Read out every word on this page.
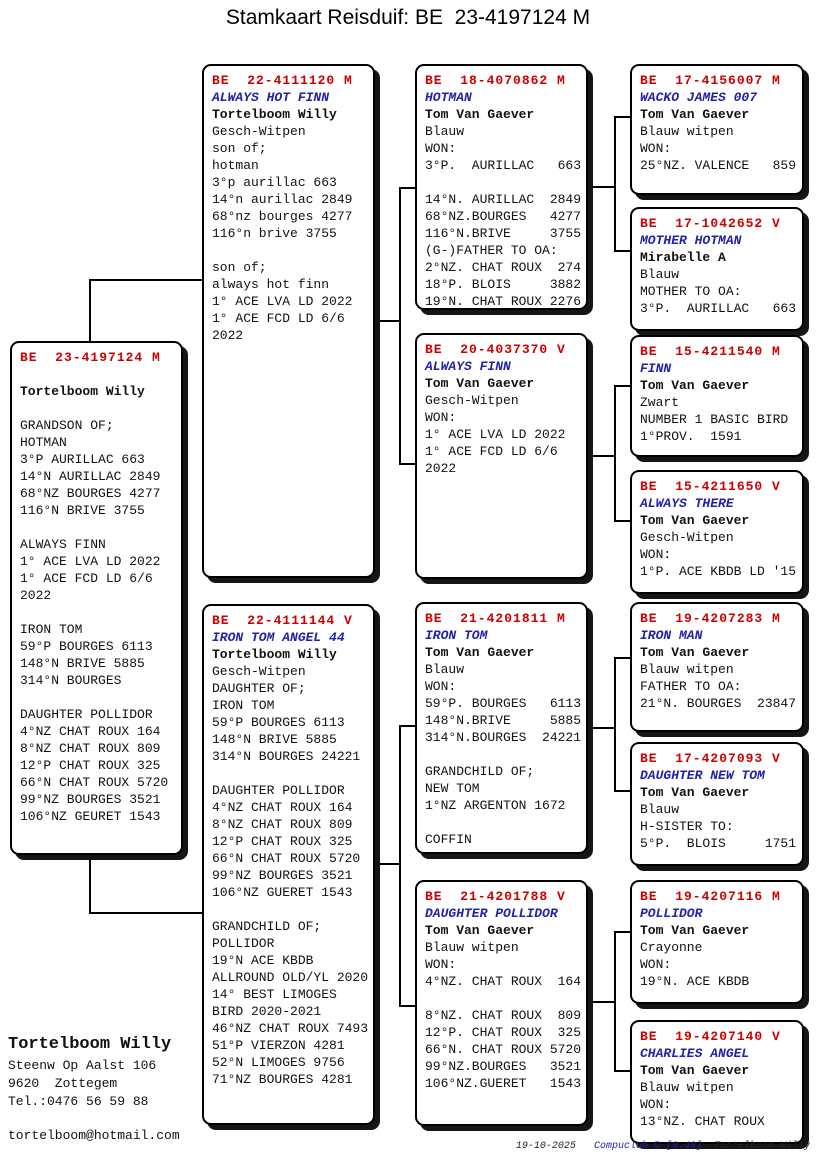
Stamkaart Reisduif: BE  23-4197124 M
BE  23-4197124 M
Tortelboom Willy
GRANDSON OF;
HOTMAN
3°P AURILLAC 663
14°N AURILLAC 2849
68°NZ BOURGES 4277
116°N BRIVE 3755

ALWAYS FINN
1° ACE LVA LD 2022
1° ACE FCD LD 6/6
2022

IRON TOM
59°P BOURGES 6113
148°N BRIVE 5885
314°N BOURGES

DAUGHTER POLLIDOR
4°NZ CHAT ROUX 164
8°NZ CHAT ROUX 809
12°P CHAT ROUX 325
66°N CHAT ROUX 5720
99°NZ BOURGES 3521
106°NZ GEURET 1543
BE  22-4111120 M
ALWAYS HOT FINN
Tortelboom Willy
Gesch-Witpen
son of;
hotman
3°p aurillac 663
14°n aurillac 2849
68°nz bourges 4277
116°n brive 3755

son of;
always hot finn
1° ACE LVA LD 2022
1° ACE FCD LD 6/6
2022
BE  22-4111144 V
IRON TOM ANGEL 44
Tortelboom Willy
Gesch-Witpen
DAUGHTER OF;
IRON TOM
59°P BOURGES 6113
148°N BRIVE 5885
314°N BOURGES 24221

DAUGHTER POLLIDOR
4°NZ CHAT ROUX 164
8°NZ CHAT ROUX 809
12°P CHAT ROUX 325
66°N CHAT ROUX 5720
99°NZ BOURGES 3521
106°NZ GUERET 1543

GRANDCHILD OF;
POLLIDOR
19°N ACE KBDB
ALLROUND OLD/YL 2020
14° BEST LIMOGES
BIRD 2020-2021
46°NZ CHAT ROUX 7493
51°P VIERZON 4281
52°N LIMOGES 9756
71°NZ BOURGES 4281
BE  18-4070862 M
HOTMAN
Tom Van Gaever
Blauw
WON:
3°P.  AURILLAC   663

14°N. AURILLAC  2849
68°NZ.BOURGES   4277
116°N.BRIVE     3755
(G-)FATHER TO OA:
2°NZ. CHAT ROUX  274
18°P. BLOIS     3882
19°N. CHAT ROUX 2276
BE  20-4037370 V
ALWAYS FINN
Tom Van Gaever
Gesch-Witpen
WON:
1° ACE LVA LD 2022
1° ACE FCD LD 6/6
2022
BE  21-4201811 M
IRON TOM
Tom Van Gaever
Blauw
WON:
59°P. BOURGES   6113
148°N.BRIVE     5885
314°N.BOURGES  24221

GRANDCHILD OF;
NEW TOM
1°NZ ARGENTON 1672

COFFIN
BE  21-4201788 V
DAUGHTER POLLIDOR
Tom Van Gaever
Blauw witpen
WON:
4°NZ. CHAT ROUX  164

8°NZ. CHAT ROUX  809
12°P. CHAT ROUX  325
66°N. CHAT ROUX 5720
99°NZ.BOURGES   3521
106°NZ.GUERET   1543
BE  17-4156007 M
WACKO JAMES 007
Tom Van Gaever
Blauw witpen
WON:
25°NZ. VALENCE   859
BE  17-1042652 V
MOTHER HOTMAN
Mirabelle A
Blauw
MOTHER TO OA:
3°P.  AURILLAC   663
BE  15-4211540 M
FINN
Tom Van Gaever
Zwart
NUMBER 1 BASIC BIRD
1°PROV.  1591
BE  15-4211650 V
ALWAYS THERE
Tom Van Gaever
Gesch-Witpen
WON:
1°P. ACE KBDB LD '15
BE  19-4207283 M
IRON MAN
Tom Van Gaever
Blauw witpen
FATHER TO OA:
21°N. BOURGES  23847
BE  17-4207093 V
DAUGHTER NEW TOM
Tom Van Gaever
Blauw
H-SISTER TO:
5°P.  BLOIS     1751
BE  19-4207116 M
POLLIDOR
Tom Van Gaever
Crayonne
WON:
19°N. ACE KBDB
BE  19-4207140 V
CHARLIES ANGEL
Tom Van Gaever
Blauw witpen
WON:
13°NZ. CHAT ROUX
Tortelboom Willy
Steenw Op Aalst 106
9620  Zottegem
Tel.:0476 56 59 88
tortelboom@hotmail.com
19-10-2025 Compuclub © [9.48] Tortelboom Willy
